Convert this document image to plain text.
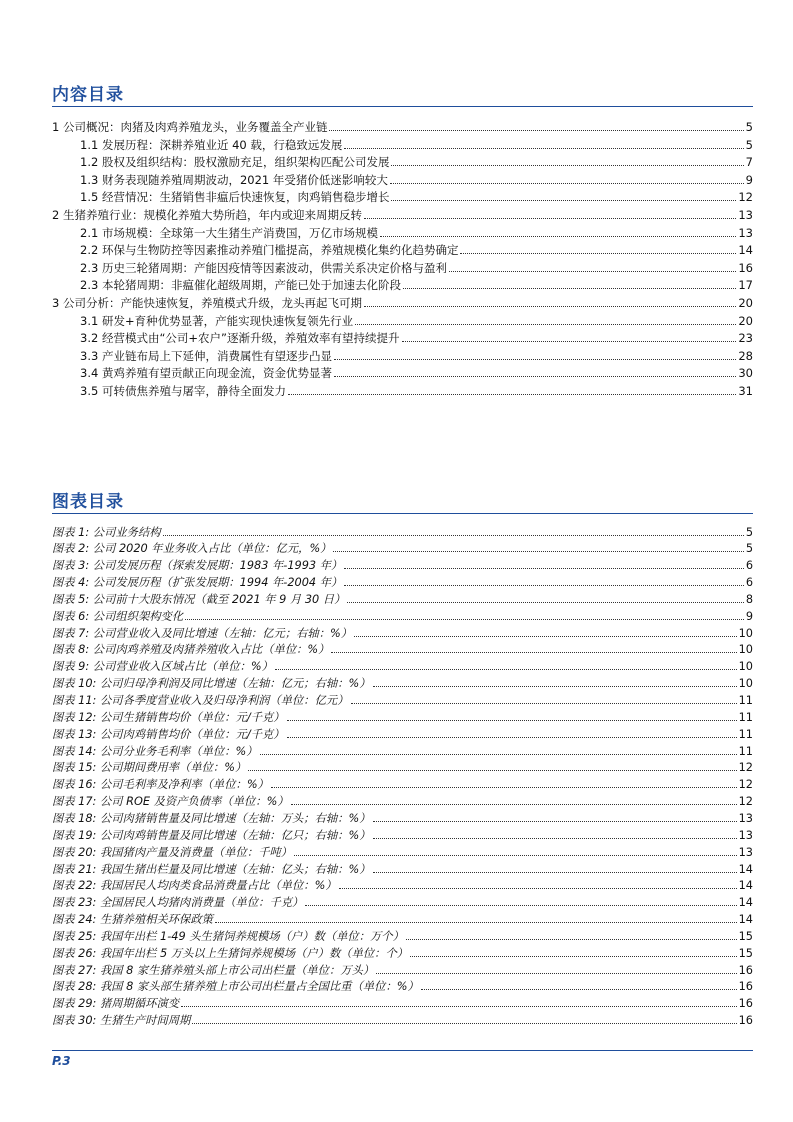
内容目录
1 公司概况：肉猪及肉鸡养殖龙头，业务覆盖全产业链	5
1.1 发展历程：深耕养殖业近 40 载，行稳致远发展	5
1.2 股权及组织结构：股权激励充足，组织架构匹配公司发展	7
1.3 财务表现随养殖周期波动，2021 年受猪价低迷影响较大	9
1.5 经营情况：生猪销售非瘟后快速恢复，肉鸡销售稳步增长	12
2 生猪养殖行业：规模化养殖大势所趋，年内或迎来周期反转	13
2.1 市场规模：全球第一大生猪生产消费国，万亿市场规模	13
2.2 环保与生物防控等因素推动养殖门槛提高，养殖规模化集约化趋势确定	14
2.3 历史三轮猪周期：产能因疫情等因素波动，供需关系决定价格与盈利	16
2.3 本轮猪周期：非瘟催化超级周期，产能已处于加速去化阶段	17
3 公司分析：产能快速恢复，养殖模式升级，龙头再起飞可期	20
3.1 研发+育种优势显著，产能实现快速恢复领先行业	20
3.2 经营模式由“公司+农户”逐渐升级，养殖效率有望持续提升	23
3.3 产业链布局上下延伸，消费属性有望逐步凸显	28
3.4 黄鸡养殖有望贡献正向现金流，资金优势显著	30
3.5 可转债焦养殖与屠宰，静待全面发力	31
图表目录
图表 1: 公司业务结构	5
图表 2: 公司 2020 年业务收入占比（单位：亿元，%）	5
图表 3: 公司发展历程（探索发展期：1983 年-1993 年）	6
图表 4: 公司发展历程（扩张发展期：1994 年-2004 年）	6
图表 5: 公司前十大股东情况（截至 2021 年 9 月 30 日）	8
图表 6: 公司组织架构变化	9
图表 7: 公司营业收入及同比增速（左轴：亿元；右轴：%）	10
图表 8: 公司肉鸡养殖及肉猪养殖收入占比（单位：%）	10
图表 9: 公司营业收入区域占比（单位：%）	10
图表 10: 公司归母净利润及同比增速（左轴：亿元；右轴：%）	10
图表 11: 公司各季度营业收入及归母净利润（单位：亿元）	11
图表 12: 公司生猪销售均价（单位：元/千克）	11
图表 13: 公司肉鸡销售均价（单位：元/千克）	11
图表 14: 公司分业务毛利率（单位：%）	11
图表 15: 公司期间费用率（单位：%）	12
图表 16: 公司毛利率及净利率（单位：%）	12
图表 17: 公司 ROE 及资产负债率（单位：%）	12
图表 18: 公司肉猪销售量及同比增速（左轴：万头；右轴：%）	13
图表 19: 公司肉鸡销售量及同比增速（左轴：亿只；右轴：%）	13
图表 20: 我国猪肉产量及消费量（单位：千吨）	13
图表 21: 我国生猪出栏量及同比增速（左轴：亿头；右轴：%）	14
图表 22: 我国居民人均肉类食品消费量占比（单位：%）	14
图表 23: 全国居民人均猪肉消费量（单位：千克）	14
图表 24: 生猪养殖相关环保政策	14
图表 25: 我国年出栏 1-49 头生猪饲养规模场（户）数（单位：万个）	15
图表 26: 我国年出栏 5 万头以上生猪饲养规模场（户）数（单位：个）	15
图表 27: 我国 8 家生猪养殖头部上市公司出栏量（单位：万头）	16
图表 28: 我国 8 家头部生猪养殖上市公司出栏量占全国比重（单位：%）	16
图表 29: 猪周期循环演变	16
图表 30: 生猪生产时间周期	16
P.3
